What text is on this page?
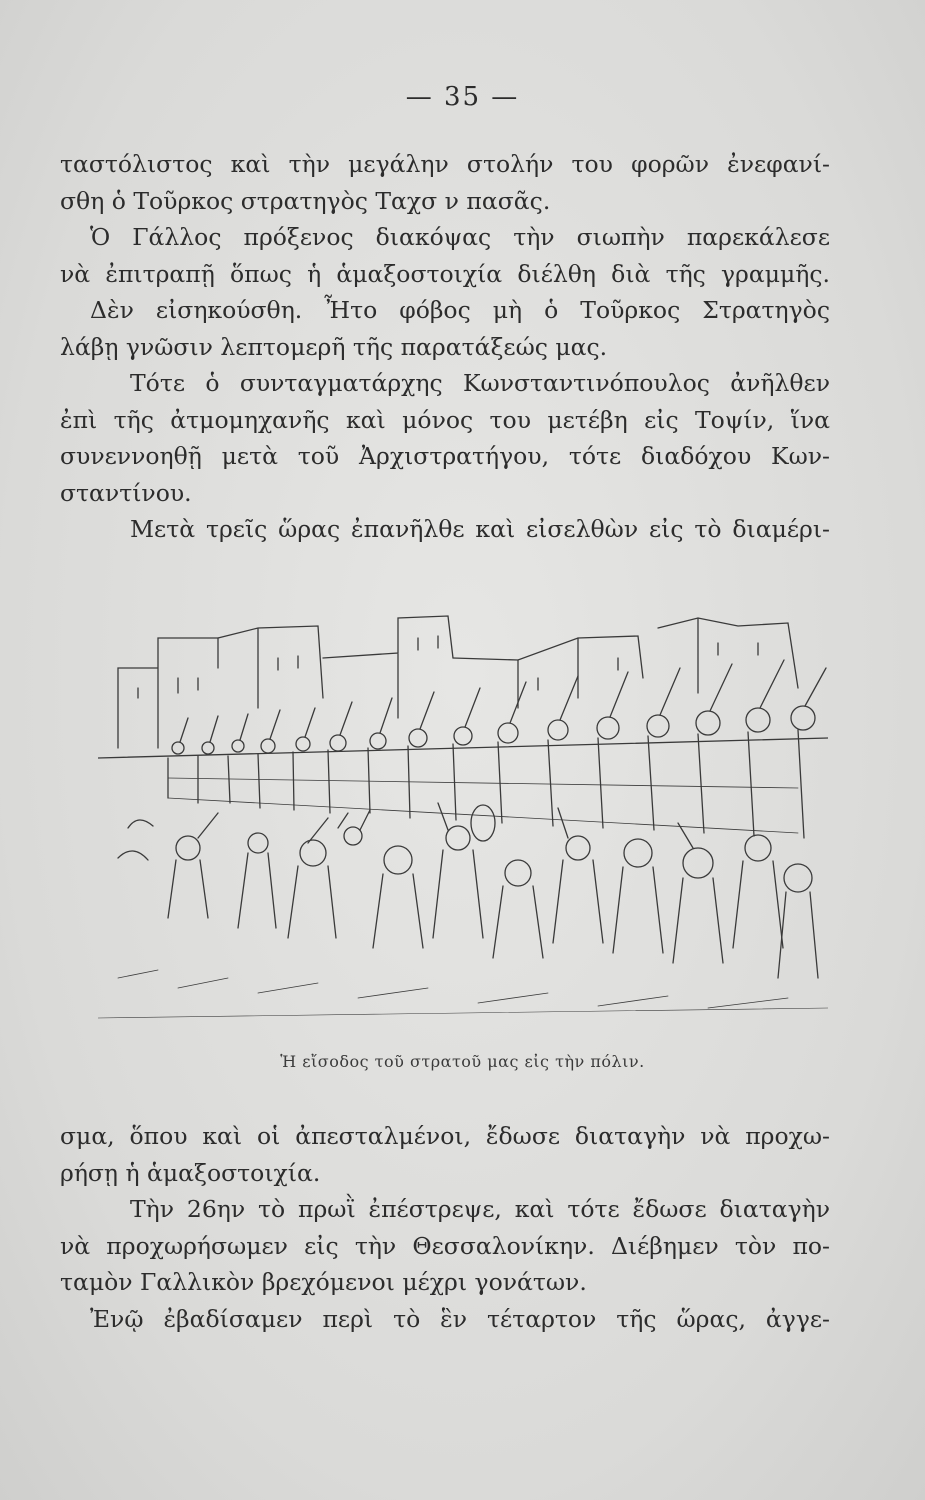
— 35 —
ταστόλιστος καὶ τὴν μεγάλην στολήν του φορῶν ἐνεφανί-
σθη ὁ Τοῦρκος στρατηγὸς Ταχσ ν πασᾶς.
Ὁ Γάλλος πρόξενος διακόψας τὴν σιωπὴν παρεκάλεσε
νὰ ἐπιτραπῇ ὅπως ἡ ἁμαξοστοιχία διέλθη διὰ τῆς γραμμῆς.
Δὲν εἰσηκούσθη. Ἦτο φόβος μὴ ὁ Τοῦρκος Στρατηγὸς
λάβῃ γνῶσιν λεπτομερῆ τῆς παρατάξεώς μας.
Τότε ὁ συνταγματάρχης Κωνσταντινόπουλος ἀνῆλθεν
ἐπὶ τῆς ἀτμομηχανῆς καὶ μόνος του μετέβη εἰς Τοψίν, ἵνα
συνεννοηθῇ μετὰ τοῦ Ἀρχιστρατήγου, τότε διαδόχου Κων-
σταντίνου.
Μετὰ τρεῖς ὥρας ἐπανῆλθε καὶ εἰσελθὼν εἰς τὸ διαμέρι-
Ἡ εἴσοδος τοῦ στρατοῦ μας εἰς τὴν πόλιν.
σμα, ὅπου καὶ οἱ ἀπεσταλμένοι, ἔδωσε διαταγὴν νὰ προχω-
ρήσῃ ἡ ἁμαξοστοιχία.
Τὴν 26ην τὸ πρωῒ ἐπέστρεψε, καὶ τότε ἔδωσε διαταγὴν
νὰ προχωρήσωμεν εἰς τὴν Θεσσαλονίκην. Διέβημεν τὸν πο-
ταμὸν Γαλλικὸν βρεχόμενοι μέχρι γονάτων.
Ἐνῷ ἐβαδίσαμεν περὶ τὸ ἓν τέταρτον τῆς ὥρας, ἀγγε-
